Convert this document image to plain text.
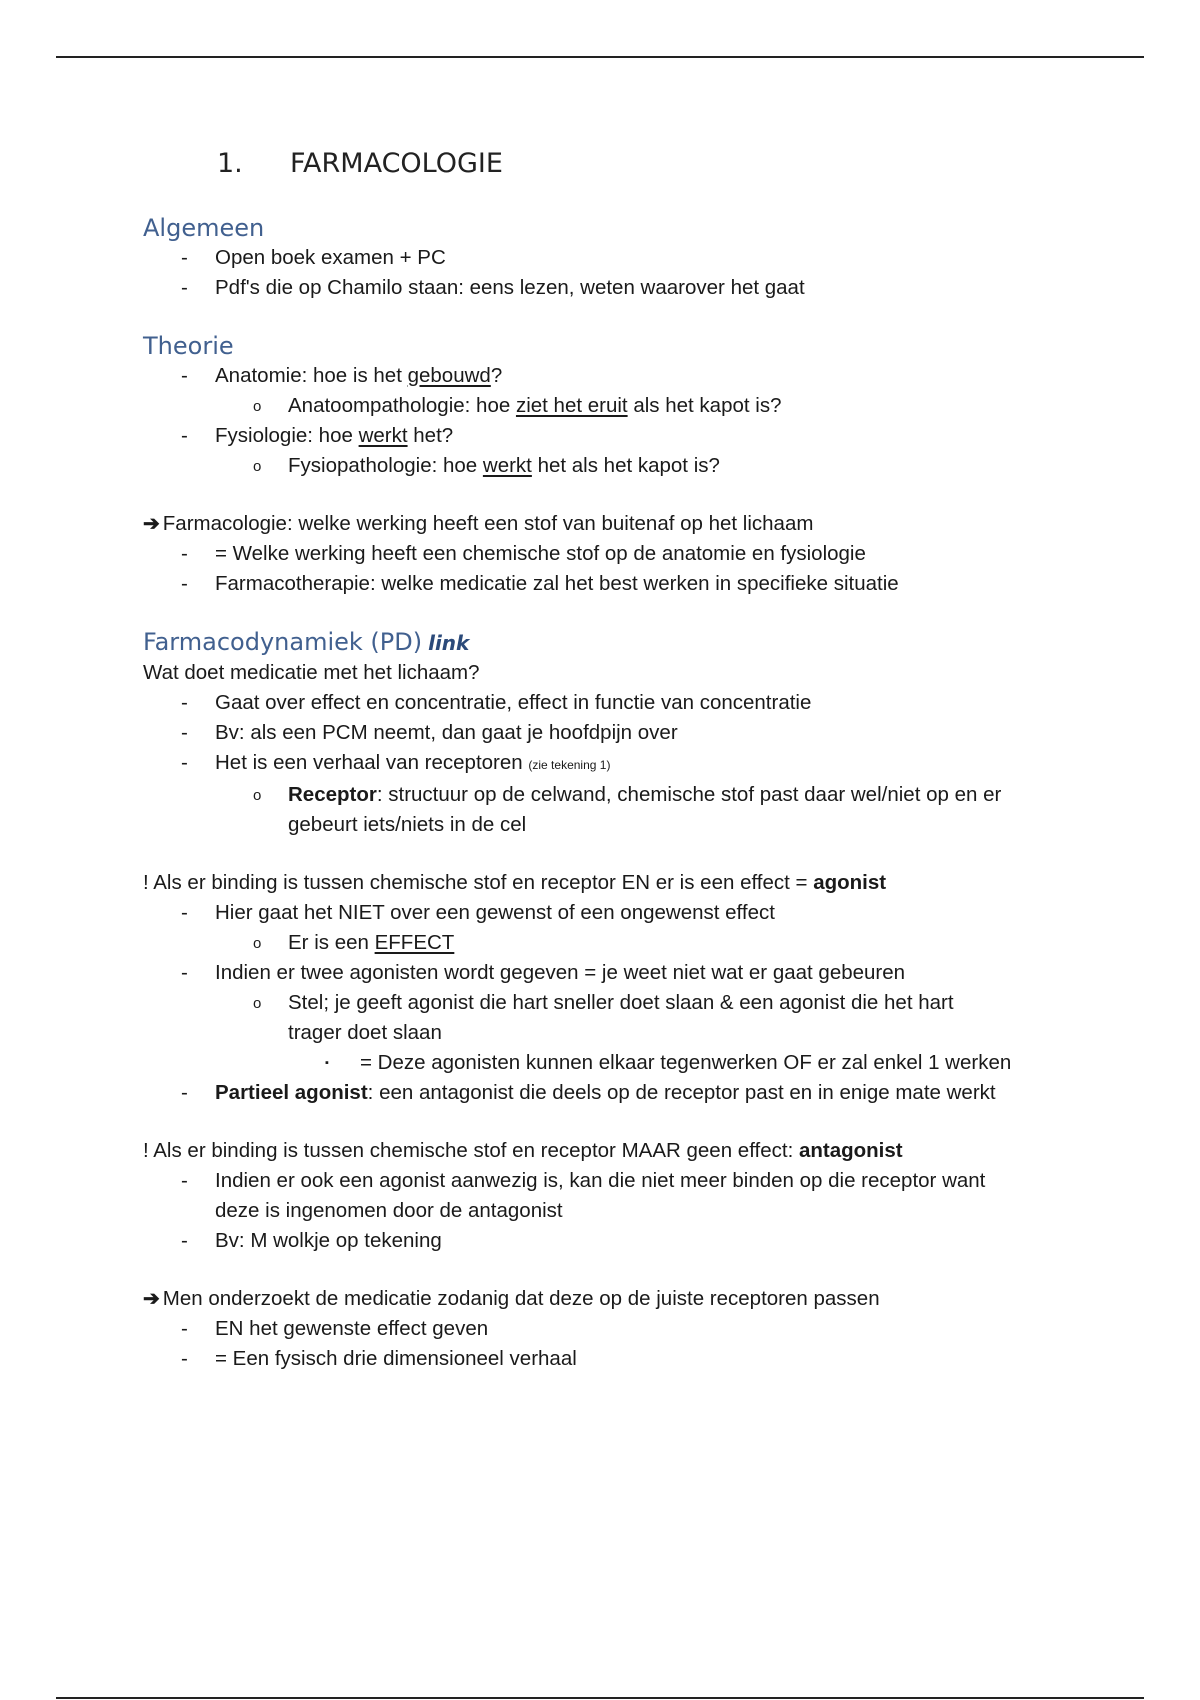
1.	FARMACOLOGIE
Algemeen
- Open boek examen + PC
- Pdf's die op Chamilo staan: eens lezen, weten waarover het gaat
Theorie
- Anatomie: hoe is het gebouwd?
o Anatoompathologie: hoe ziet het eruit als het kapot is?
- Fysiologie: hoe werkt het?
o Fysiopathologie: hoe werkt het als het kapot is?
➔ Farmacologie: welke werking heeft een stof van buitenaf op het lichaam
- = Welke werking heeft een chemische stof op de anatomie en fysiologie
- Farmacotherapie: welke medicatie zal het best werken in specifieke situatie
Farmacodynamiek (PD) link
Wat doet medicatie met het lichaam?
- Gaat over effect en concentratie, effect in functie van concentratie
- Bv: als een PCM neemt, dan gaat je hoofdpijn over
- Het is een verhaal van receptoren (zie tekening 1)
o Receptor: structuur op de celwand, chemische stof past daar wel/niet op en er gebeurt iets/niets in de cel
! Als er binding is tussen chemische stof en receptor EN er is een effect = agonist
- Hier gaat het NIET over een gewenst of een ongewenst effect
o Er is een EFFECT
- Indien er twee agonisten wordt gegeven = je weet niet wat er gaat gebeuren
o Stel; je geeft agonist die hart sneller doet slaan & een agonist die het hart trager doet slaan
▪ = Deze agonisten kunnen elkaar tegenwerken OF er zal enkel 1 werken
- Partieel agonist: een antagonist die deels op de receptor past en in enige mate werkt
! Als er binding is tussen chemische stof en receptor MAAR geen effect: antagonist
- Indien er ook een agonist aanwezig is, kan die niet meer binden op die receptor want deze is ingenomen door de antagonist
- Bv: M wolkje op tekening
➔ Men onderzoekt de medicatie zodanig dat deze op de juiste receptoren passen
- EN het gewenste effect geven
- = Een fysisch drie dimensioneel verhaal
